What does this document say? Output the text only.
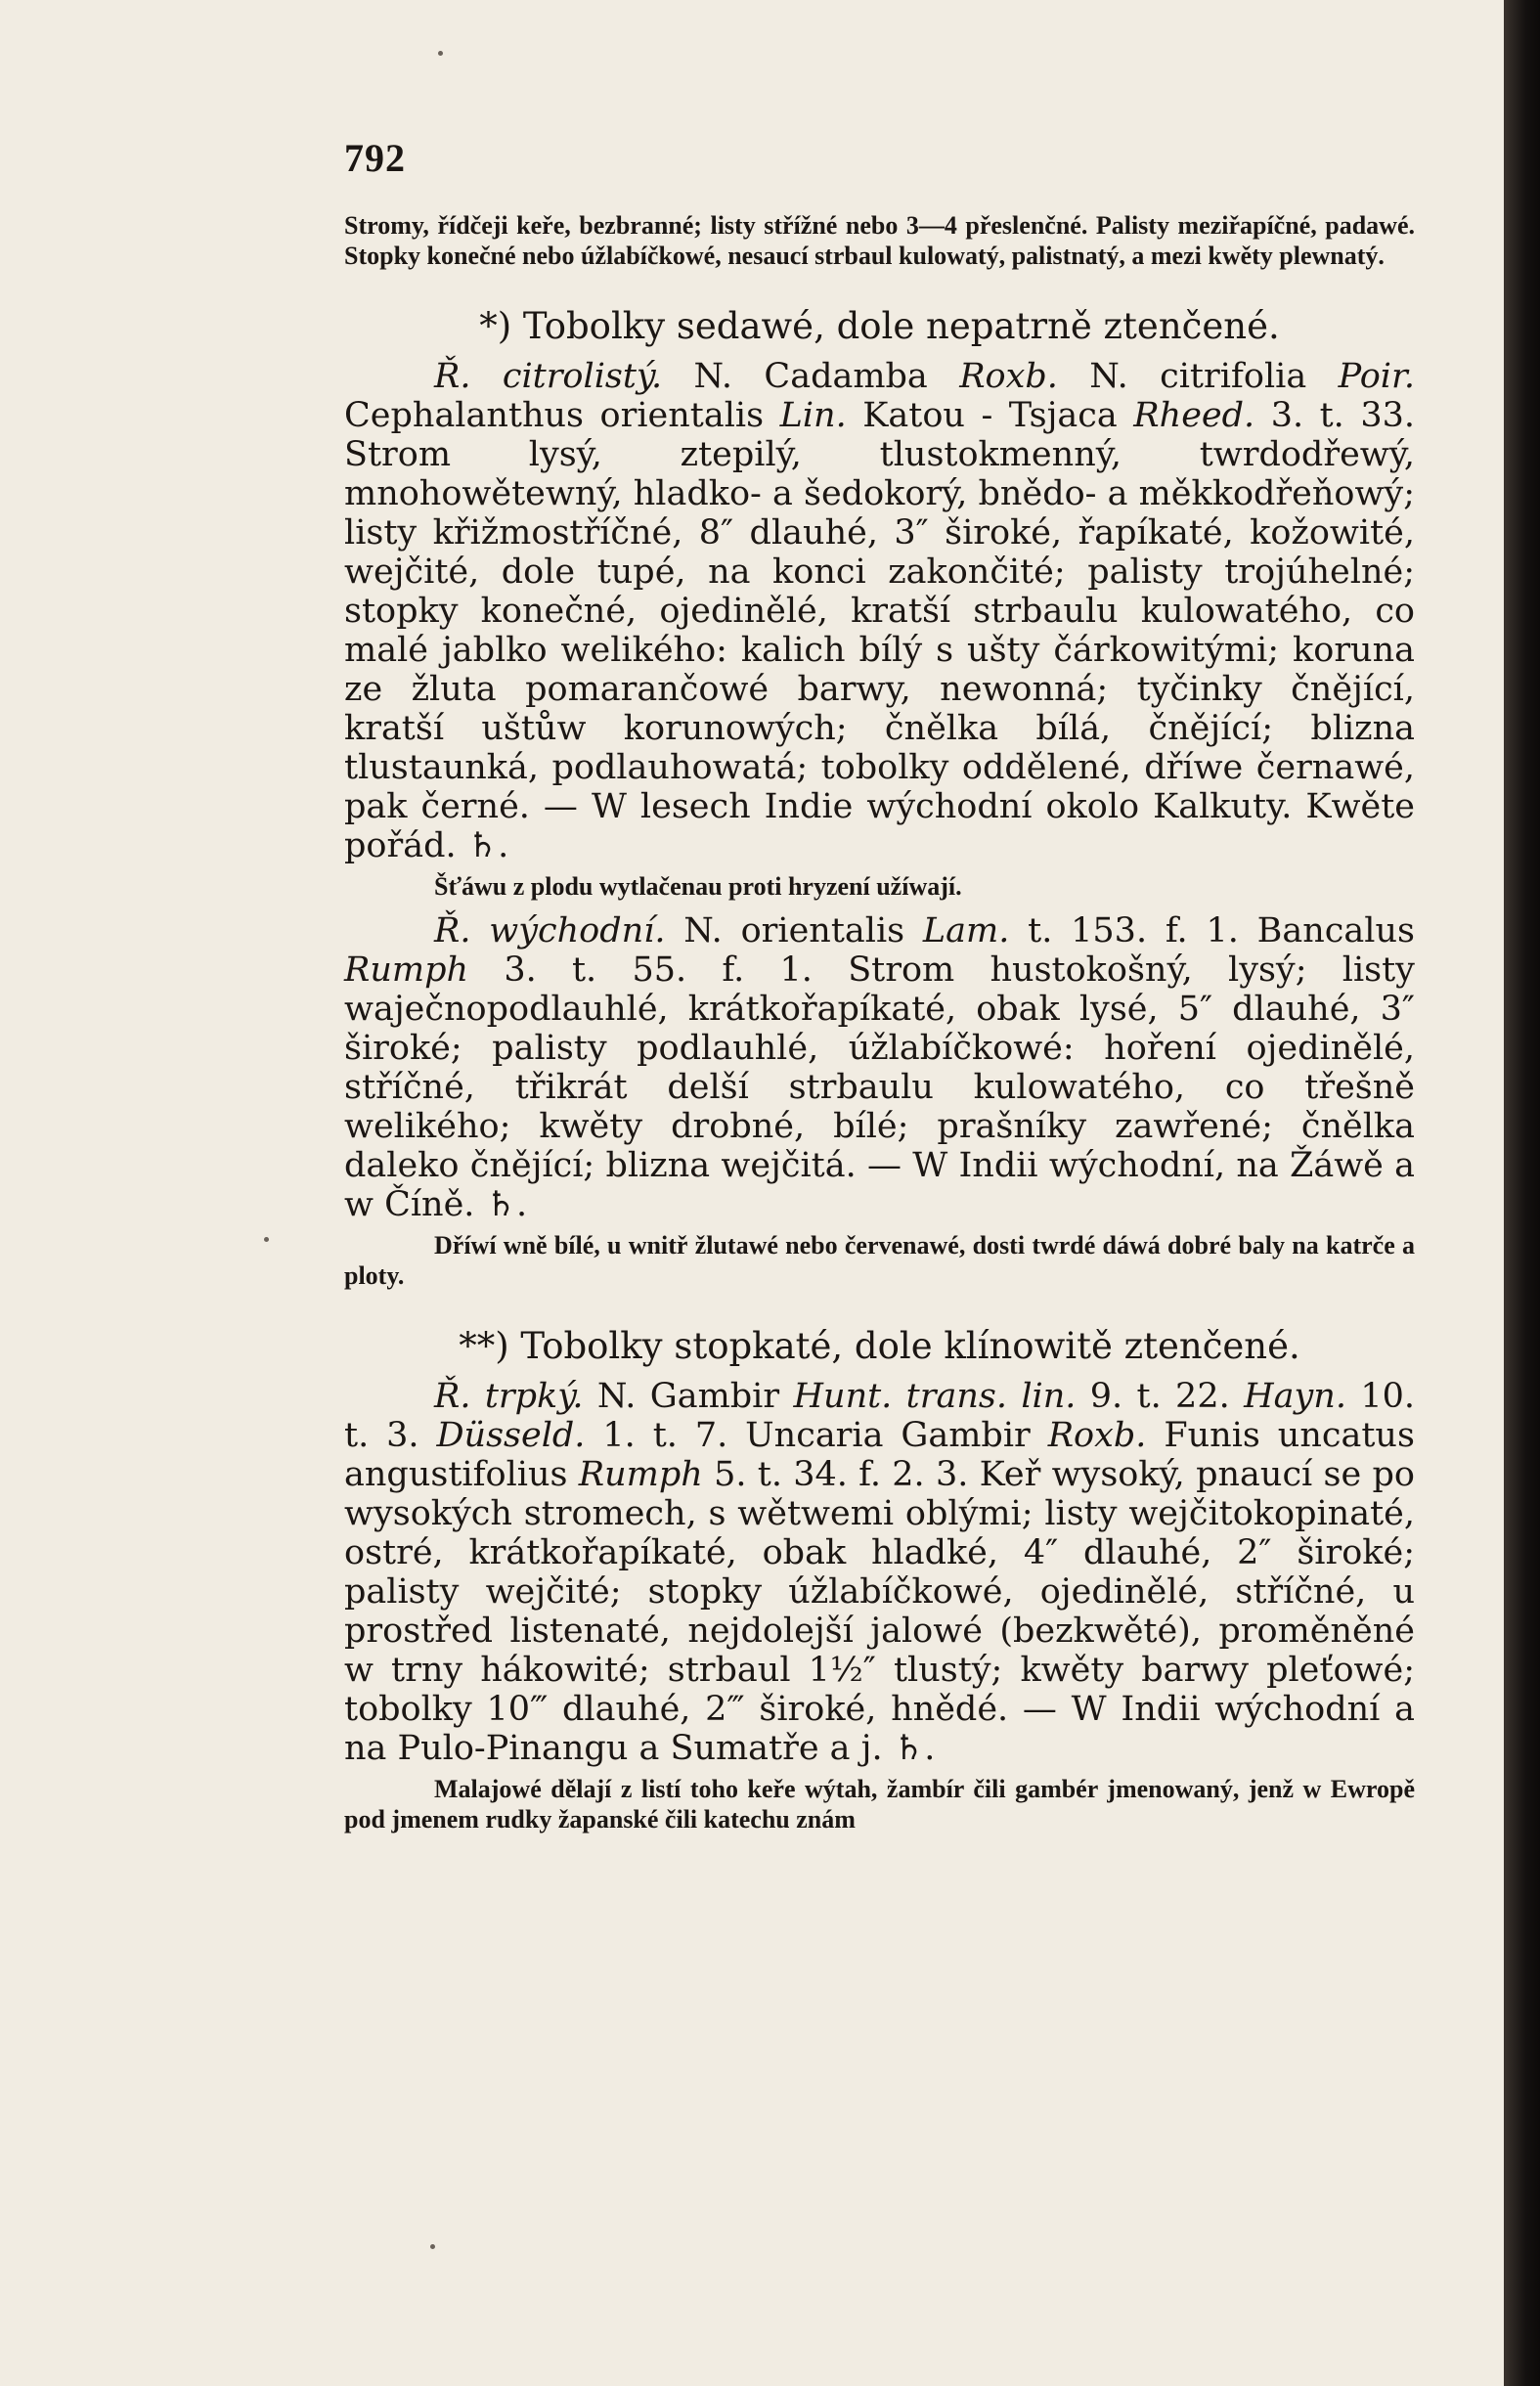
792

Stromy, řídčeji keře, bezbranné; listy střížné nebo 3—4 přeslenčné. Palisty meziřapíčné, padawé. Stopky konečné nebo úžlabíčkowé, nesaucí strbaul kulowatý, palistnatý, a mezi kwěty plewnatý.

*) Tobolky sedawé, dole nepatrně ztenčené.

Ř. citrolistý. N. Cadamba Roxb. N. citrifolia Poir. Cephalanthus orientalis Lin. Katou - Tsjaca Rheed. 3. t. 33. Strom lysý, ztepilý, tlustokmenný, twrdodřewý, mnohowětewný, hladko- a šedokorý, bnědo- a měkkodřeňowý; listy křižmostříčné, 8″ dlauhé, 3″ široké, řapíkaté, kožowité, wejčité, dole tupé, na konci zakončité; palisty trojúhelné; stopky konečné, ojedinělé, kratší strbaulu kulowatého, co malé jablko welikého: kalich bílý s ušty čárkowitými; koruna ze žluta pomarančowé barwy, newonná; tyčinky čnějící, kratší uštůw korunowých; čnělka bílá, čnějící; blizna tlustaunká, podlauhowatá; tobolky oddělené, dříwe černawé, pak černé. — W lesech Indie wýchodní okolo Kalkuty. Kwěte pořád. ♄.

Šťáwu z plodu wytlačenau proti hryzení užíwají.

Ř. wýchodní. N. orientalis Lam. t. 153. f. 1. Bancalus Rumph 3. t. 55. f. 1. Strom hustokošný, lysý; listy waječnopodlauhlé, krátkořapíkaté, obak lysé, 5″ dlauhé, 3″ široké; palisty podlauhlé, úžlabíčkowé: hoření ojedinělé, stříčné, třikrát delší strbaulu kulowatého, co třešně welikého; kwěty drobné, bílé; prašníky zawřené; čnělka daleko čnějící; blizna wejčitá. — W Indii wýchodní, na Žáwě a w Číně. ♄.

Dříwí wně bílé, u wnitř žlutawé nebo červenawé, dosti twrdé dáwá dobré baly na katrče a ploty.

**) Tobolky stopkaté, dole klínowitě ztenčené.

Ř. trpký. N. Gambir Hunt. trans. lin. 9. t. 22. Hayn. 10. t. 3. Düsseld. 1. t. 7. Uncaria Gambir Roxb. Funis uncatus angustifolius Rumph 5. t. 34. f. 2. 3. Keř wysoký, pnaucí se po wysokých stromech, s wětwemi oblými; listy wejčitokopinaté, ostré, krátkořapíkaté, obak hladké, 4″ dlauhé, 2″ široké; palisty wejčité; stopky úžlabíčkowé, ojedinělé, stříčné, u prostřed listenaté, nejdolejší jalowé (bezkwěté), proměněné w trny hákowité; strbaul 1½″ tlustý; kwěty barwy pleťowé; tobolky 10‴ dlauhé, 2‴ široké, hnědé. — W Indii wýchodní a na Pulo-Pinangu a Sumatře a j. ♄.

Malajowé dělají z listí toho keře wýtah, žambír čili gambér jmenowaný, jenž w Ewropě pod jmenem rudky žapanské čili katechu znám
